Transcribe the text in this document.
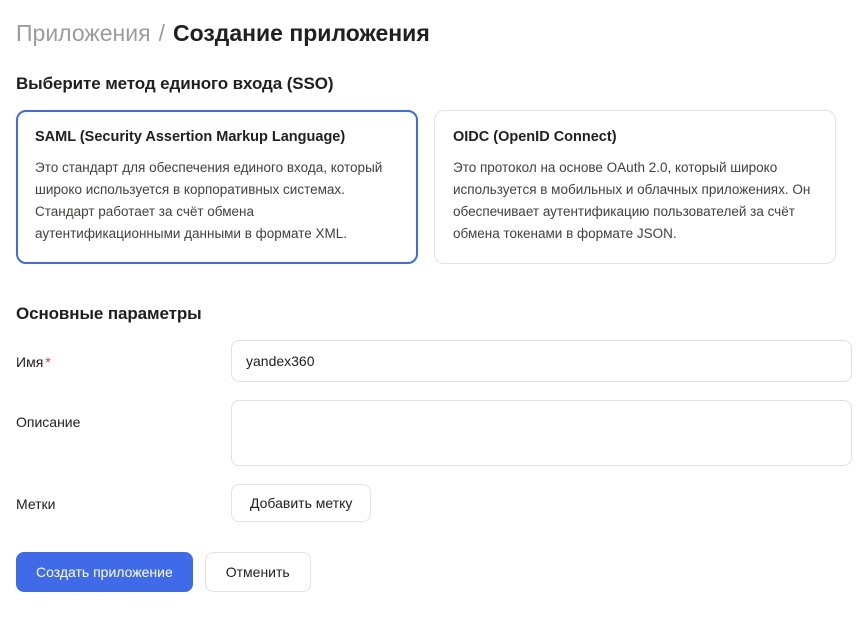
Приложения / Создание приложения
Выберите метод единого входа (SSO)
SAML (Security Assertion Markup Language)
Это стандарт для обеспечения единого входа, который широко используется в корпоративных системах. Стандарт работает за счёт обмена аутентификационными данными в формате XML.
OIDC (OpenID Connect)
Это протокол на основе OAuth 2.0, который широко используется в мобильных и облачных приложениях. Он обеспечивает аутентификацию пользователей за счёт обмена токенами в формате JSON.
Основные параметры
Имя *
yandex360
Описание
Метки	Добавить метку
Создать приложение	Отменить
